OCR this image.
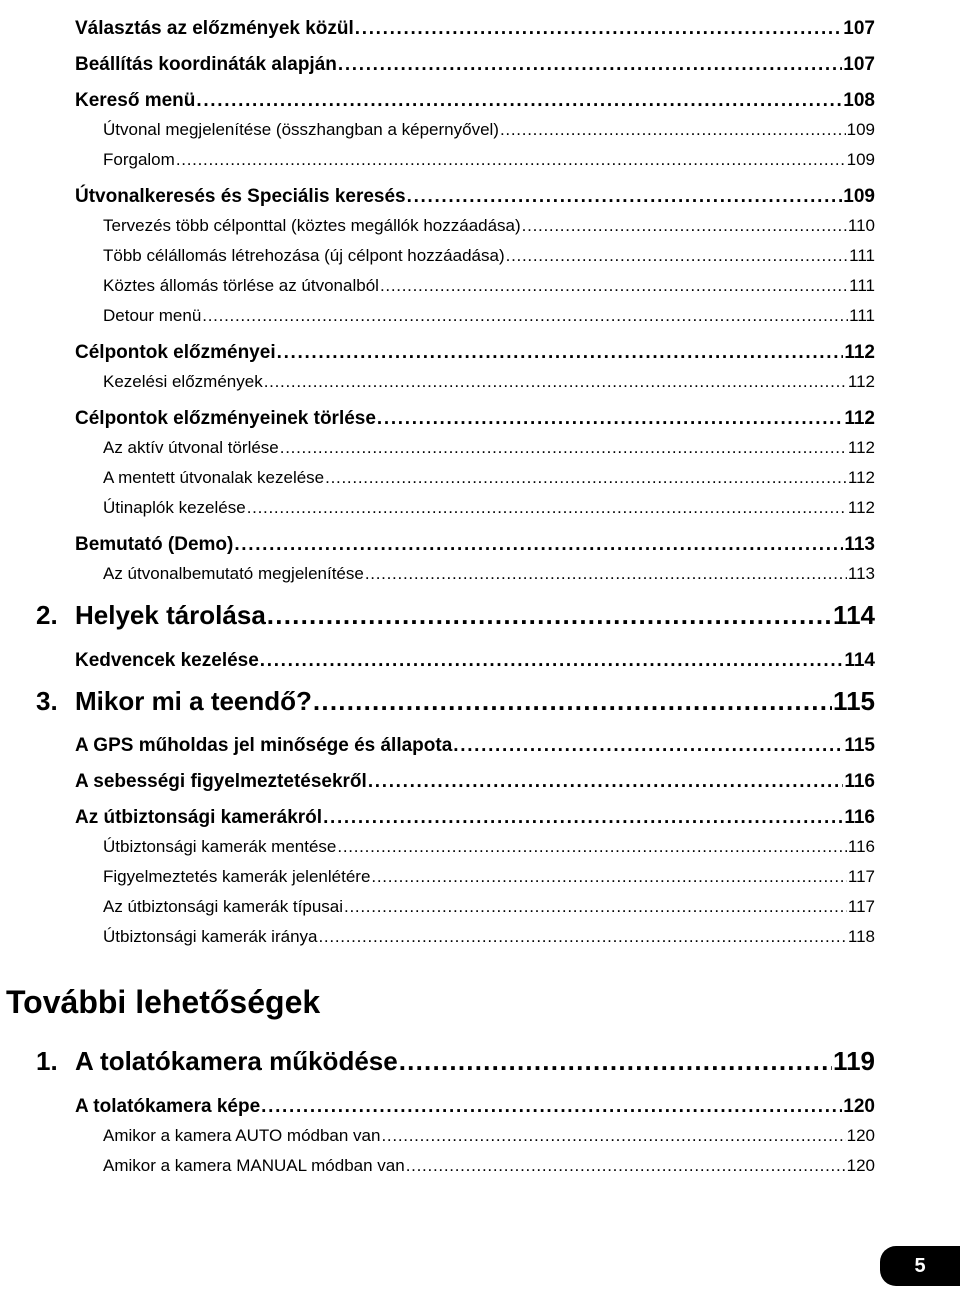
Választás az előzmények közül . . .	107
Beállítás koordináták alapján . . .	107
Kereső menü . . .	108
Útvonal megjelenítése (összhangban a képernyővel) . . .	109
Forgalom . . .	109
Útvonalkeresés és Speciális keresés . . .	109
Tervezés több célponttal (köztes megállók hozzáadása) . . .	110
Több célállomás létrehozása (új célpont hozzáadása) . . .	111
Köztes állomás törlése az útvonalból . . .	111
Detour menü . . .	111
Célpontok előzményei . . .	112
Kezelési előzmények . . .	112
Célpontok előzményeinek törlése . . .	112
Az aktív útvonal törlése . . .	112
A mentett útvonalak kezelése . . .	112
Útinaplók kezelése . . .	112
Bemutató (Demo) . . .	113
Az útvonalbemutató megjelenítése . . .	113
2. Helyek tárolása . . .	114
Kedvencek kezelése . . .	114
3. Mikor mi a teendő? . . .	115
A GPS műholdas jel minősége és állapota . . .	115
A sebességi figyelmeztetésekről . . .	116
Az útbiztonsági kamerákról . . .	116
Útbiztonsági kamerák mentése . . .	116
Figyelmeztetés kamerák jelenlétére . . .	117
Az útbiztonsági kamerák típusai . . .	117
Útbiztonsági kamerák iránya . . .	118
1. A tolatókamera működése . . .	119
A tolatókamera képe . . .	120
Amikor a kamera AUTO módban van . . .	120
Amikor a kamera MANUAL módban van . . .	120
További lehetőségek
5
